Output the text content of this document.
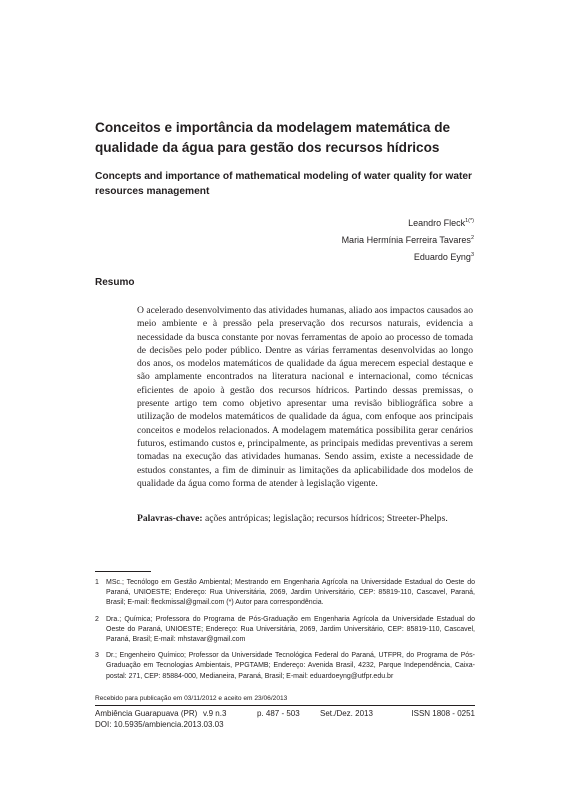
Conceitos e importância da modelagem matemática de qualidade da água para gestão dos recursos hídricos
Concepts and importance of mathematical modeling of water quality for water resources management
Leandro Fleck$^{1(*)}$
Maria Hermínia Ferreira Tavares$^2$
Eduardo Eyng$^3$
Resumo

O acelerado desenvolvimento das atividades humanas, aliado aos impactos causados ao meio ambiente e à pressão pela preservação dos recursos naturais, evidencia a necessidade da busca constante por novas ferramentas de apoio ao processo de tomada de decisões pelo poder público. Dentre as várias ferramentas desenvolvidas ao longo dos anos, os modelos matemáticos de qualidade da água merecem especial destaque e são amplamente encontrados na literatura nacional e internacional, como técnicas eficientes de apoio à gestão dos recursos hídricos. Partindo dessas premissas, o presente artigo tem como objetivo apresentar uma revisão bibliográfica sobre a utilização de modelos matemáticos de qualidade da água, com enfoque aos principais conceitos e modelos relacionados. A modelagem matemática possibilita gerar cenários futuros, estimando custos e, principalmente, as principais medidas preventivas a serem tomadas na execução das atividades humanas. Sendo assim, existe a necessidade de estudos constantes, a fim de diminuir as limitações da aplicabilidade dos modelos de qualidade da água como forma de atender à legislação vigente.

Palavras-chave: ações antrópicas; legislação; recursos hídricos; Streeter-Phelps.

1	MSc.; Tecnólogo em Gestão Ambiental; Mestrando em Engenharia Agrícola na Universidade Estadual do Oeste do Paraná, UNIOESTE; Endereço: Rua Universitária, 2069, Jardim Universitário, CEP: 85819-110, Cascavel, Paraná, Brasil; E-mail: fleckmissal@gmail.com (*) Autor para correspondência.
2	Dra.; Química; Professora do Programa de Pós-Graduação em Engenharia Agrícola da Universidade Estadual do Oeste do Paraná, UNIOESTE; Endereço: Rua Universitária, 2069, Jardim Universitário, CEP: 85819-110, Cascavel, Paraná, Brasil; E-mail: mhstavar@gmail.com
3	Dr.; Engenheiro Químico; Professor da Universidade Tecnológica Federal do Paraná, UTFPR, do Programa de Pós-Graduação em Tecnologias Ambientais, PPGTAMB; Endereço: Avenida Brasil, 4232, Parque Independência, Caixa-postal: 271, CEP: 85884-000, Medianeira, Paraná, Brasil; E-mail: eduardoeyng@utfpr.edu.br
Recebido para publicação em 03/11/2012 e aceito em 23/06/2013
Ambiência Guarapuava (PR) v.9 n.3	p. 487 - 503	Set./Dez. 2013	ISSN 1808 - 0251
DOI: 10.5935/ambiencia.2013.03.03
